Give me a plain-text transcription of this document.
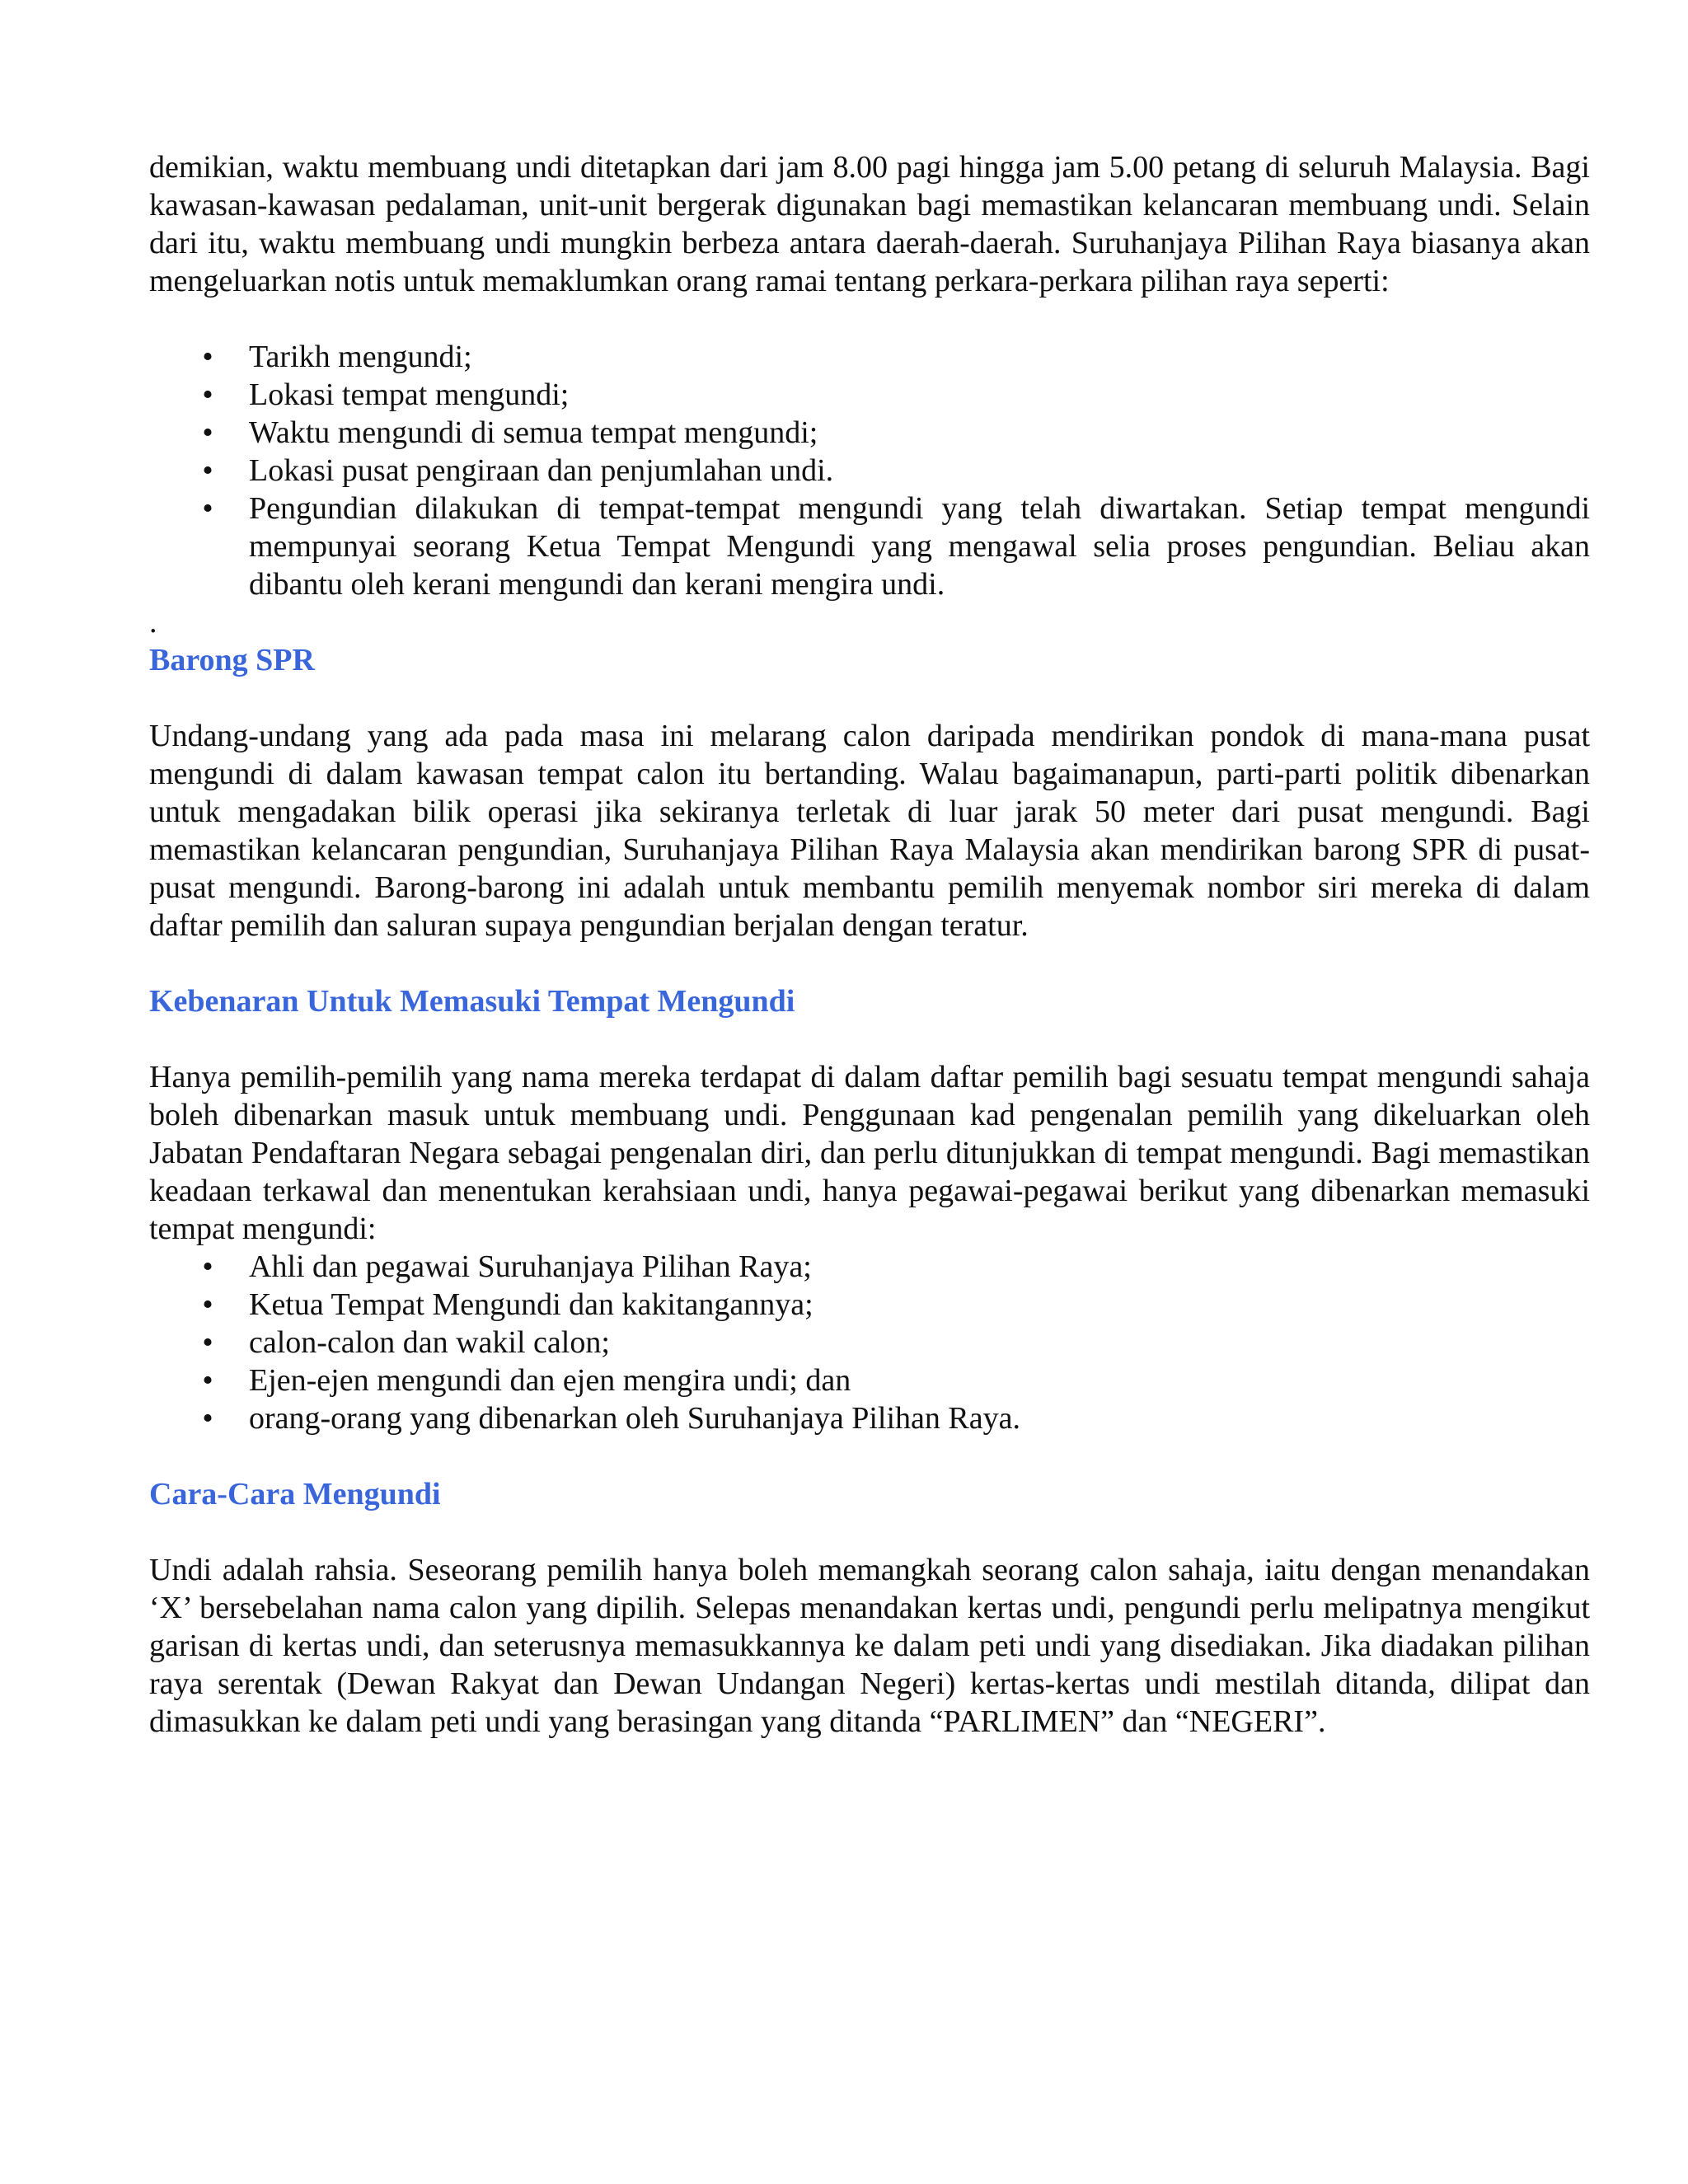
demikian, waktu membuang undi ditetapkan dari jam 8.00 pagi hingga jam 5.00 petang di seluruh Malaysia. Bagi kawasan-kawasan pedalaman, unit-unit bergerak digunakan bagi memastikan kelancaran membuang undi. Selain dari itu, waktu membuang undi mungkin berbeza antara daerah-daerah. Suruhanjaya Pilihan Raya biasanya akan mengeluarkan notis untuk memaklumkan orang ramai tentang perkara-perkara pilihan raya seperti:

• Tarikh mengundi;
• Lokasi tempat mengundi;
• Waktu mengundi di semua tempat mengundi;
• Lokasi pusat pengiraan dan penjumlahan undi.
• Pengundian dilakukan di tempat-tempat mengundi yang telah diwartakan. Setiap tempat mengundi mempunyai seorang Ketua Tempat Mengundi yang mengawal selia proses pengundian. Beliau akan dibantu oleh kerani mengundi dan kerani mengira undi.

.

Barong SPR

Undang-undang yang ada pada masa ini melarang calon daripada mendirikan pondok di mana-mana pusat mengundi di dalam kawasan tempat calon itu bertanding. Walau bagaimanapun, parti-parti politik dibenarkan untuk mengadakan bilik operasi jika sekiranya terletak di luar jarak 50 meter dari pusat mengundi. Bagi memastikan kelancaran pengundian, Suruhanjaya Pilihan Raya Malaysia akan mendirikan barong SPR di pusat-pusat mengundi. Barong-barong ini adalah untuk membantu pemilih menyemak nombor siri mereka di dalam daftar pemilih dan saluran supaya pengundian berjalan dengan teratur.

Kebenaran Untuk Memasuki Tempat Mengundi

Hanya pemilih-pemilih yang nama mereka terdapat di dalam daftar pemilih bagi sesuatu tempat mengundi sahaja boleh dibenarkan masuk untuk membuang undi. Penggunaan kad pengenalan pemilih yang dikeluarkan oleh Jabatan Pendaftaran Negara sebagai pengenalan diri, dan perlu ditunjukkan di tempat mengundi. Bagi memastikan keadaan terkawal dan menentukan kerahsiaan undi, hanya pegawai-pegawai berikut yang dibenarkan memasuki tempat mengundi:

• Ahli dan pegawai Suruhanjaya Pilihan Raya;
• Ketua Tempat Mengundi dan kakitangannya;
• calon-calon dan wakil calon;
• Ejen-ejen mengundi dan ejen mengira undi; dan
• orang-orang yang dibenarkan oleh Suruhanjaya Pilihan Raya.
Cara-Cara Mengundi

Undi adalah rahsia. Seseorang pemilih hanya boleh memangkah seorang calon sahaja, iaitu dengan menandakan ‘X’ bersebelahan nama calon yang dipilih. Selepas menandakan kertas undi, pengundi perlu melipatnya mengikut garisan di kertas undi, dan seterusnya memasukkannya ke dalam peti undi yang disediakan. Jika diadakan pilihan raya serentak (Dewan Rakyat dan Dewan Undangan Negeri) kertas-kertas undi mestilah ditanda, dilipat dan dimasukkan ke dalam peti undi yang berasingan yang ditanda “PARLIMEN” dan “NEGERI”.
